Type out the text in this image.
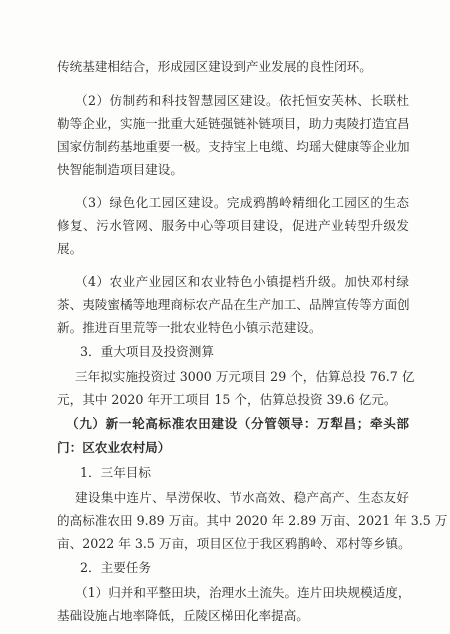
传统基建相结合，形成园区建设到产业发展的良性闭环。
（2）仿制药和科技智慧园区建设。依托恒安芙林、长联杜
勒等企业，实施一批重大延链强链补链项目，助力夷陵打造宜昌
国家仿制药基地重要一极。支持宝上电缆、均瑶大健康等企业加
快智能制造项目建设。
（3）绿色化工园区建设。完成鸦鹊岭精细化工园区的生态
修复、污水管网、服务中心等项目建设，促进产业转型升级发
展。
（4）农业产业园区和农业特色小镇提档升级。加快邓村绿
茶、夷陵蜜橘等地理商标农产品在生产加工、品牌宣传等方面创
新。推进百里荒等一批农业特色小镇示范建设。
3．重大项目及投资测算
三年拟实施投资过 3000 万元项目 29 个，估算总投 76.7 亿
元，其中 2020 年开工项目 15 个，估算总投资 39.6 亿元。
（九）新一轮高标准农田建设（分管领导：万犁昌；牵头部
门：区农业农村局）
1．三年目标
建设集中连片、旱涝保收、节水高效、稳产高产、生态友好
的高标准农田 9.89 万亩。其中 2020 年 2.89 万亩、2021 年 3.5 万
亩、2022 年 3.5 万亩，项目区位于我区鸦鹊岭、邓村等乡镇。
2．主要任务
（1）归并和平整田块，治理水土流失。连片田块规模适度，
基础设施占地率降低，丘陵区梯田化率提高。
